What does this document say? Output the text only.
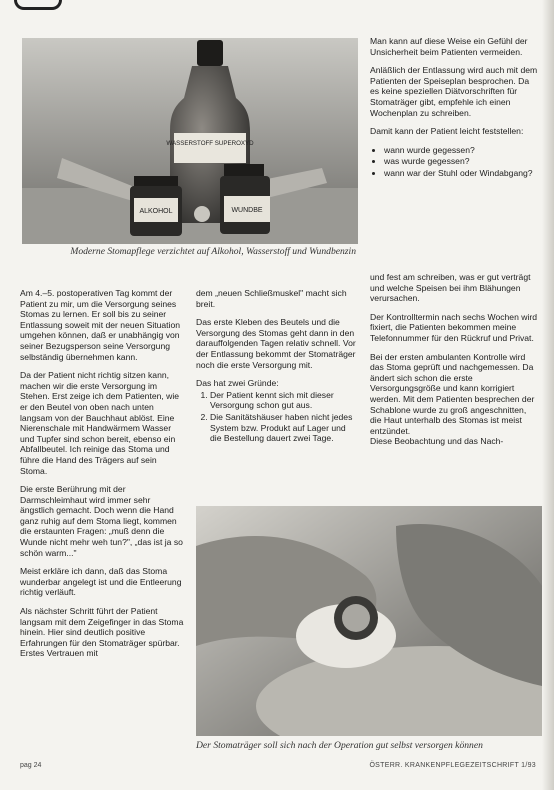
WASSERSTOFF SUPEROXYD
ALKOHOL	WUNDBE
Moderne Stomapflege verzichtet auf Alkohol, Wasserstoff und Wundbenzin

Am 4.–5. postoperativen Tag kommt der Patient zu mir, um die Versorgung seines Stomas zu lernen. Er soll bis zu seiner Entlassung soweit mit der neuen Situation umgehen können, daß er unabhängig von seiner Bezugsperson seine Versorgung selbständig übernehmen kann.

Da der Patient nicht richtig sitzen kann, machen wir die erste Versorgung im Stehen. Erst zeige ich dem Patienten, wie er den Beutel von oben nach unten langsam von der Bauchhaut ablöst. Eine Nierenschale mit Handwärmem Wasser und Tupfer sind schon bereit, ebenso ein Abfallbeutel. Ich reinige das Stoma und führe die Hand des Trägers auf sein Stoma.

Die erste Berührung mit der Darmschleimhaut wird immer sehr ängstlich gemacht. Doch wenn die Hand ganz ruhig auf dem Stoma liegt, kommen die erstaunten Fragen: „muß denn die Wunde nicht mehr weh tun?", „das ist ja so schön warm..."

Meist erkläre ich dann, daß das Stoma wunderbar angelegt ist und die Entleerung richtig verläuft.

Als nächster Schritt führt der Patient langsam mit dem Zeigefinger in das Stoma hinein. Hier sind deutlich positive Erfahrungen für den Stomaträger spürbar. Erstes Vertrauen mit

dem „neuen Schließmuskel" macht sich breit.

Das erste Kleben des Beutels und die Versorgung des Stomas geht dann in den darauffolgenden Tagen relativ schnell. Vor der Entlassung bekommt der Stomaträger noch die erste Versorgung mit.

Das hat zwei Gründe:

1. Der Patient kennt sich mit dieser Versorgung schon gut aus.
2. Die Sanitätshäuser haben nicht jedes System bzw. Produkt auf Lager und die Bestellung dauert zwei Tage.

Man kann auf diese Weise ein Gefühl der Unsicherheit beim Patienten vermeiden.

Anläßlich der Entlassung wird auch mit dem Patienten der Speiseplan besprochen. Da es keine speziellen Diätvorschriften für Stomaträger gibt, empfehle ich einen Wochenplan zu schreiben.

Damit kann der Patient leicht feststellen:

• wann wurde gegessen?
• was wurde gegessen?
• wann war der Stuhl oder Windabgang?

und fest am schreiben, was er gut verträgt und welche Speisen bei ihm Blähungen verursachen.

Der Kontrolltermin nach sechs Wochen wird fixiert, die Patienten bekommen meine Telefonnummer für den Rückruf und Privat.

Bei der ersten ambulanten Kontrolle wird das Stoma geprüft und nachgemessen. Da ändert sich schon die erste Versorgungsgröße und kann korrigiert werden. Mit dem Patienten besprechen der Schablone wurde zu groß angeschnitten, die Haut unterhalb des Stomas ist meist entzündet.

Diese Beobachtung und das Nach-

Der Stomaträger soll sich nach der Operation gut selbst versorgen können
pag 24	ÖSTERR. KRANKENPFLEGEZEITSCHRIFT 1/93
